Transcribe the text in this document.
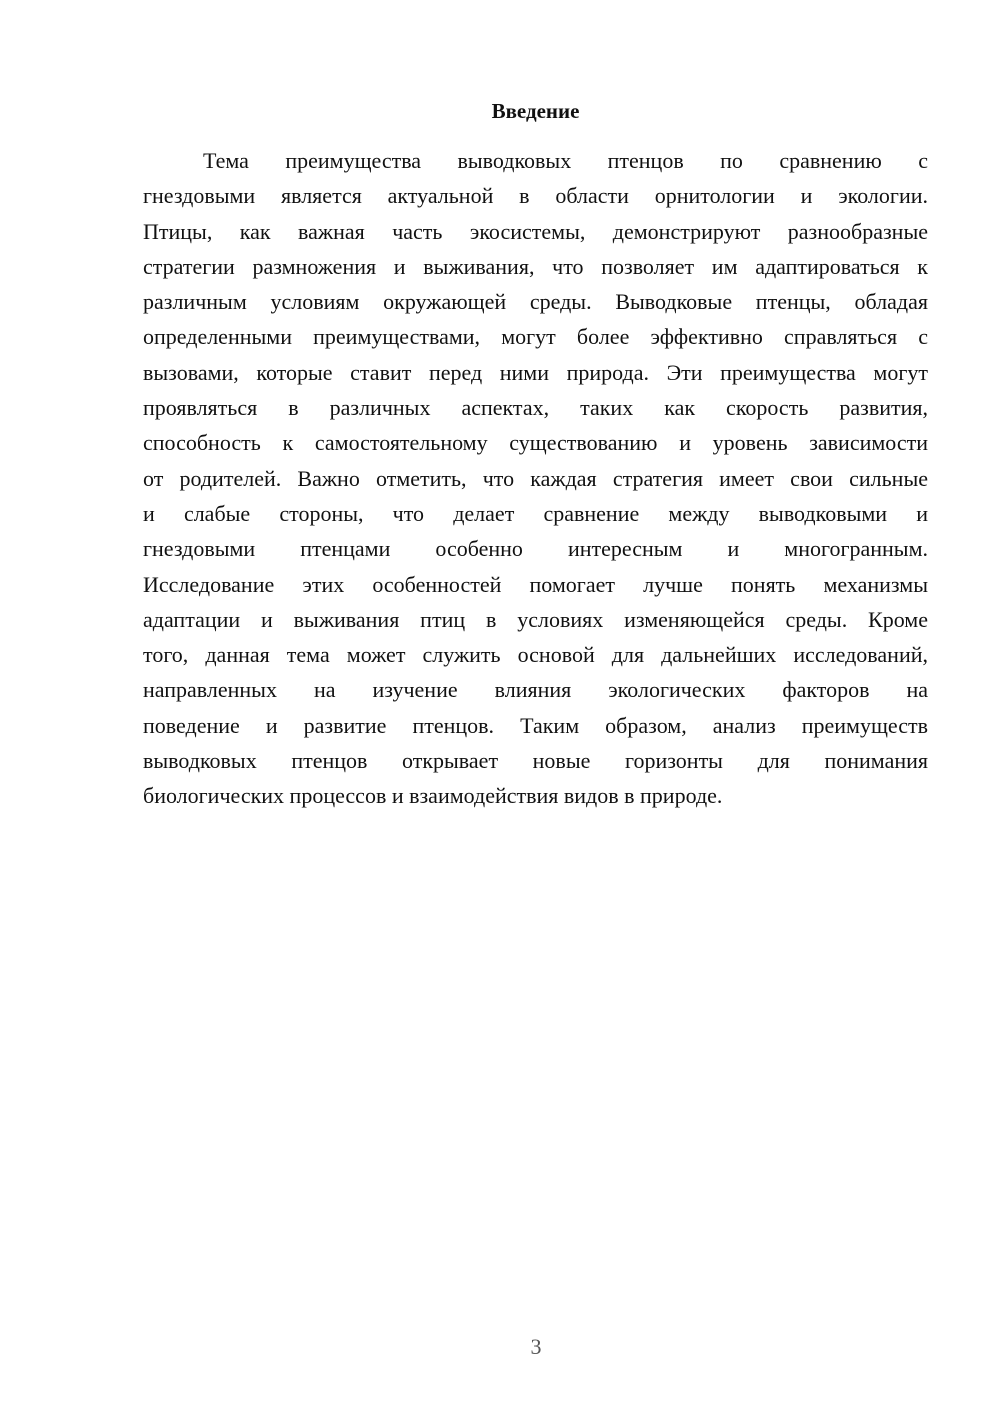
Введение
Тема преимущества выводковых птенцов по сравнению с
гнездовыми является актуальной в области орнитологии и экологии.
Птицы, как важная часть экосистемы, демонстрируют разнообразные
стратегии размножения и выживания, что позволяет им адаптироваться к
различным условиям окружающей среды. Выводковые птенцы, обладая
определенными преимуществами, могут более эффективно справляться с
вызовами, которые ставит перед ними природа. Эти преимущества могут
проявляться в различных аспектах, таких как скорость развития,
способность к самостоятельному существованию и уровень зависимости
от родителей. Важно отметить, что каждая стратегия имеет свои сильные
и слабые стороны, что делает сравнение между выводковыми и
гнездовыми птенцами особенно интересным и многогранным.
Исследование этих особенностей помогает лучше понять механизмы
адаптации и выживания птиц в условиях изменяющейся среды. Кроме
того, данная тема может служить основой для дальнейших исследований,
направленных на изучение влияния экологических факторов на
поведение и развитие птенцов. Таким образом, анализ преимуществ
выводковых птенцов открывает новые горизонты для понимания
биологических процессов и взаимодействия видов в природе.
3
